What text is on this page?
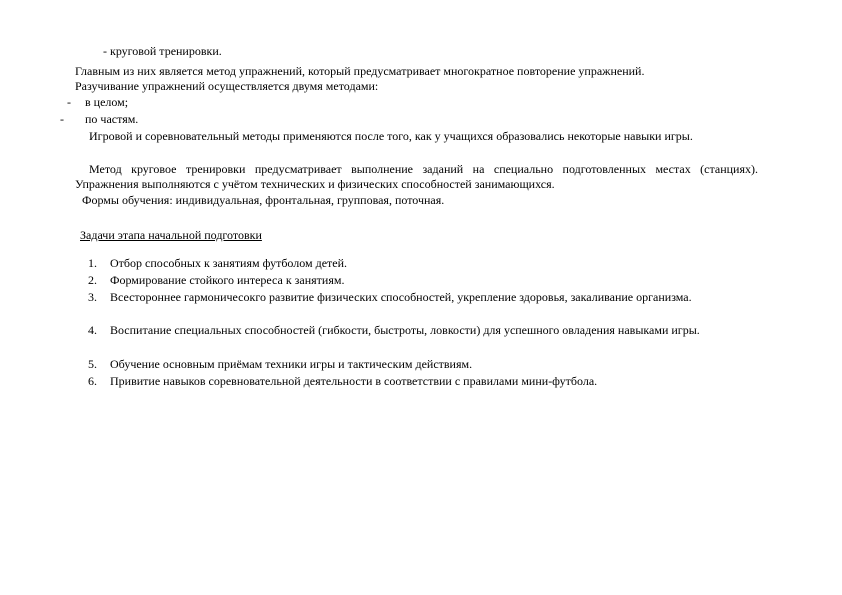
- круговой тренировки.
Главным из них является метод упражнений, который предусматривает многократное повторение упражнений.
Разучивание упражнений осуществляется двумя методами:
- в целом;
- по частям.
Игровой и соревновательный методы применяются после того, как у учащихся образовались некоторые навыки игры.
Метод круговое тренировки предусматривает выполнение заданий на специально подготовленных местах (станциях). Упражнения выполняются с учётом технических и физических способностей занимающихся.
Формы обучения: индивидуальная, фронтальная, групповая, поточная.
Задачи этапа начальной подготовки
1. Отбор способных к занятиям футболом детей.
2. Формирование стойкого интереса к занятиям.
3. Всестороннее гармоничесокго развитие физических способностей, укрепление здоровья, закаливание организма.
4. Воспитание специальных способностей (гибкости, быстроты, ловкости) для успешного овладения навыками игры.
5. Обучение основным приёмам техники игры и тактическим действиям.
6. Привитие навыков соревновательной деятельности в соответствии с правилами мини-футбола.
